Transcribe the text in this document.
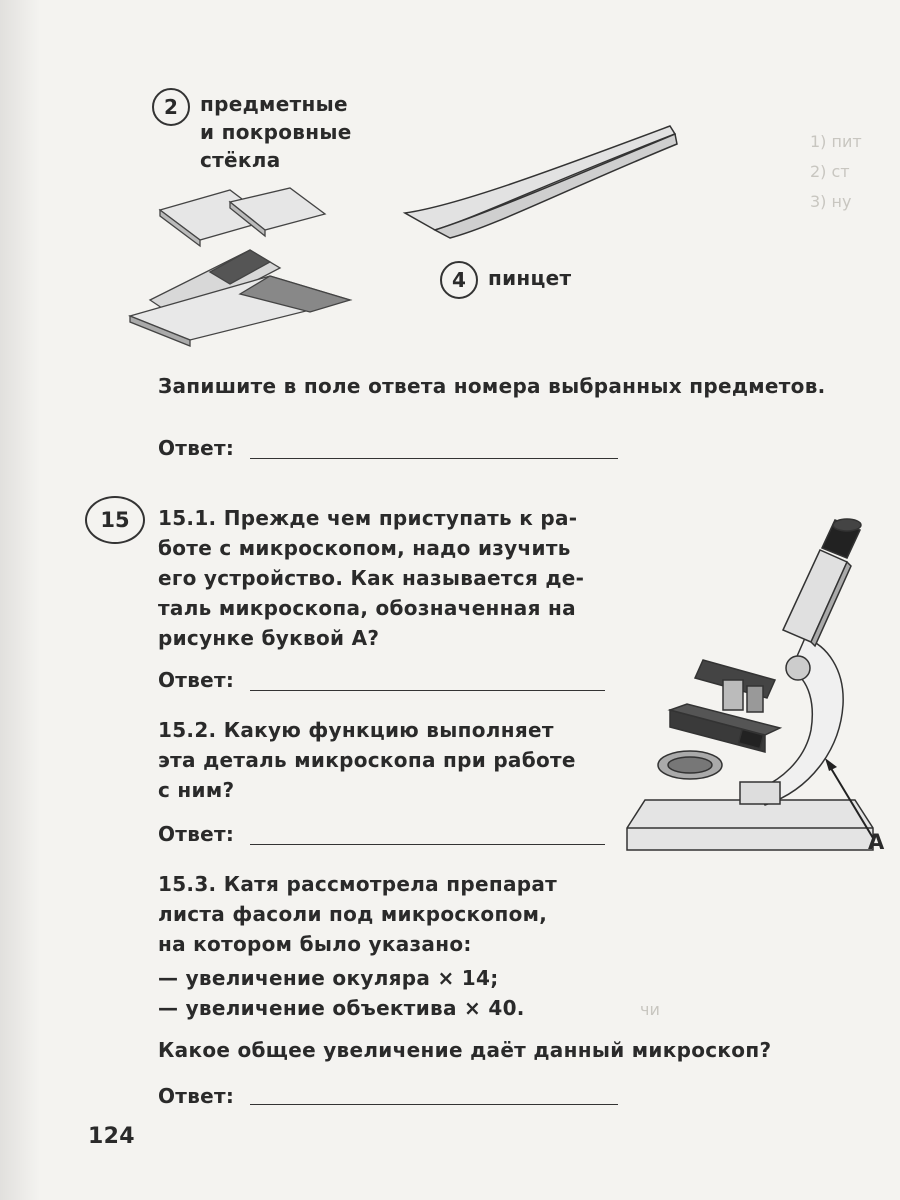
1) пит
2) ст
3) ну
чи
2 предметные
и покровные
стёкла
4 пинцет
Запишите в поле ответа номера выбранных предметов.
Ответ:
15 15.1. Прежде чем приступать к ра-
боте с микроскопом, надо изучить
его устройство. Как называется де-
таль микроскопа, обозначенная на
рисунке буквой А?
Ответ:
15.2. Какую функцию выполняет
эта деталь микроскопа при работе
с ним?
Ответ:
15.3. Катя рассмотрела препарат
листа фасоли под микроскопом,
на котором было указано:
— увеличение окуляра × 14;
— увеличение объектива × 40.
Какое общее увеличение даёт данный микроскоп?
Ответ:
А
124
